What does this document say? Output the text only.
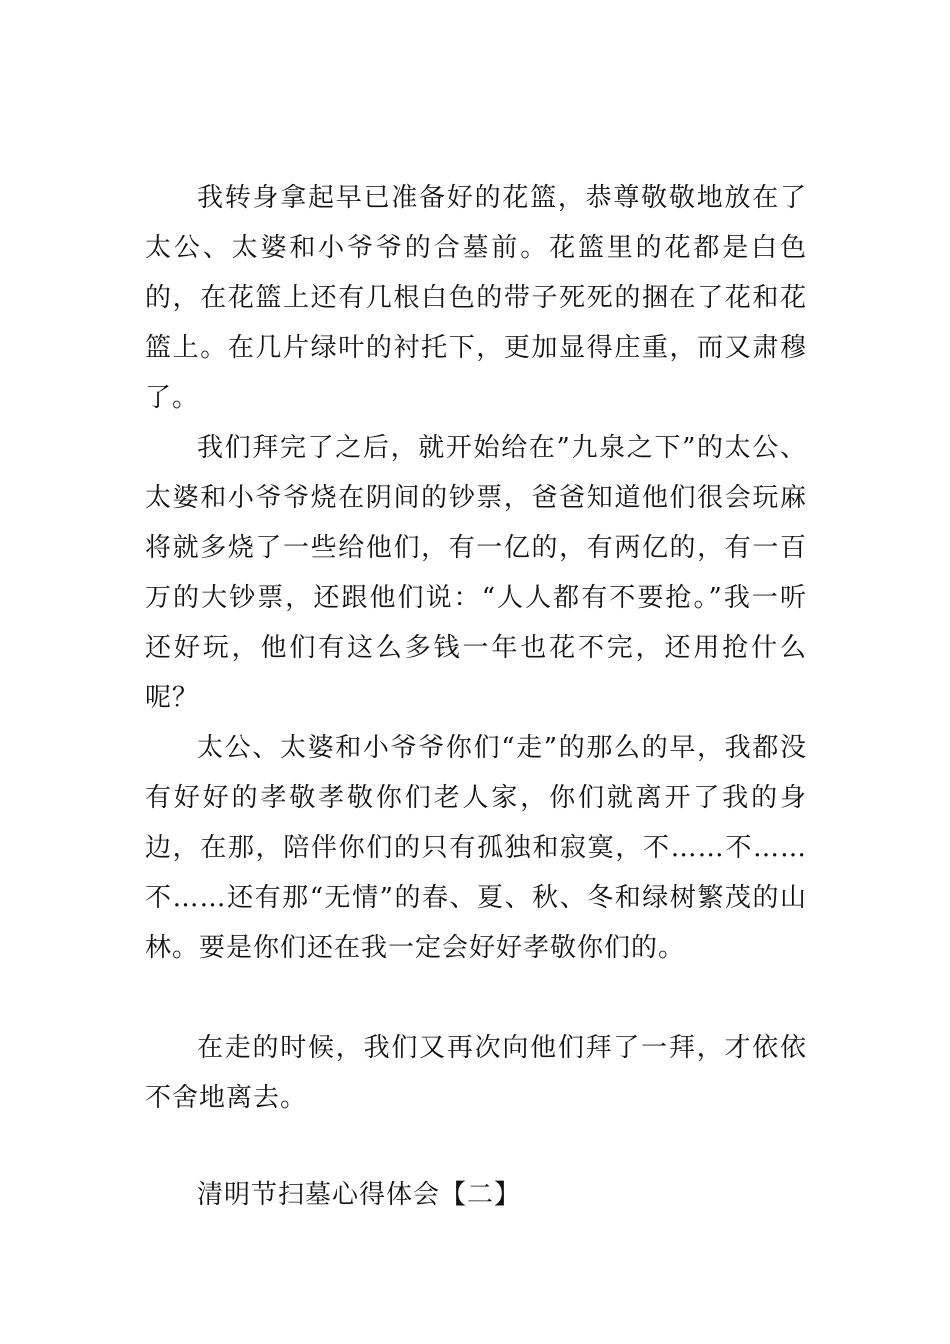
我转身拿起早已准备好的花篮，恭尊敬敬地放在了太公、太婆和小爷爷的合墓前。花篮里的花都是白色的，在花篮上还有几根白色的带子死死的捆在了花和花篮上。在几片绿叶的衬托下，更加显得庄重，而又肃穆了。

我们拜完了之后，就开始给在”九泉之下”的太公、太婆和小爷爷烧在阴间的钞票，爸爸知道他们很会玩麻将就多烧了一些给他们，有一亿的，有两亿的，有一百万的大钞票，还跟他们说：“人人都有不要抢。”我一听还好玩，他们有这么多钱一年也花不完，还用抢什么呢？

太公、太婆和小爷爷你们“走”的那么的早，我都没有好好的孝敬孝敬你们老人家，你们就离开了我的身边，在那，陪伴你们的只有孤独和寂寞，不……不……不……还有那“无情”的春、夏、秋、冬和绿树繁茂的山林。要是你们还在我一定会好好孝敬你们的。

在走的时候，我们又再次向他们拜了一拜，才依依不舍地离去。

清明节扫墓心得体会【二】
